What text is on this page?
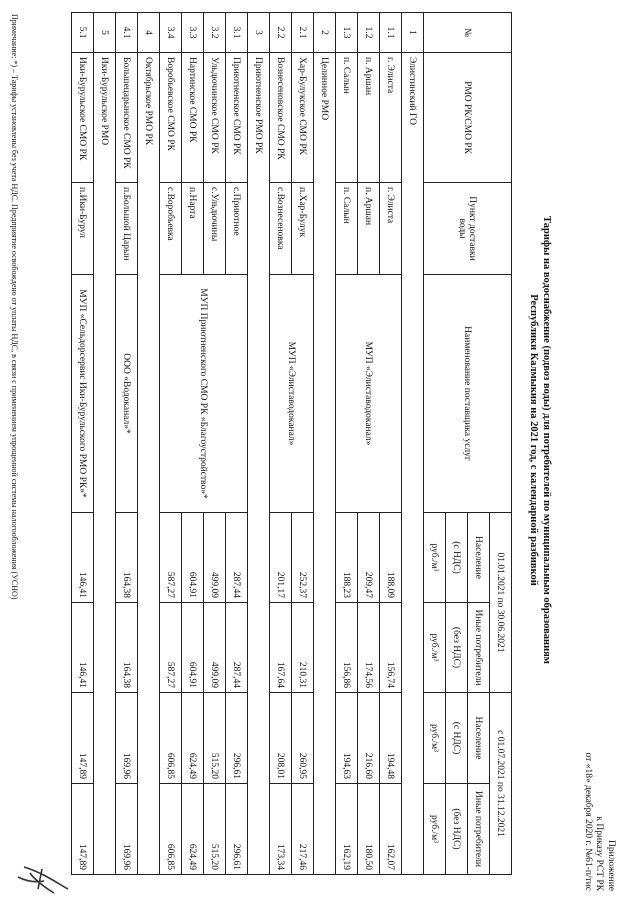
Приложение
к Приказу РСТ РК
от «18» декабря 2020 г. №61-п/тис
Тарифы на водоснабжение (подвоз воды) для потребителей по муниципальным образованиям
Республики Калмыкия на 2021 год, с календарной разбивкой
№	РМО РК/СМО РК	Пункт доставки воды	Наименование поставщика услуг	01.01.2021 по 30.06.2021		с 01.07.2021 по 31.12.2021	
				Население	Иные потребители	Население	Иные потребители
				(с НДС)	(без НДС)	(с НДС)	(без НДС)
				руб./м³	руб./м³	руб./м³	руб./м³
1	Элистинский ГО						
1.1	г. Элиста	г. Элиста	МУП «Элиставодоканал»	188,09	156,74	194,48	162,07
1.2	п. Аршан	п. Аршан		209,47	174,56	216,60	180,50
1.3	п. Салын	п. Салын		188,23	156,86	194,63	162,19
2	Целинное РМО						
2.1	Хар-Булукское СМО РК	п.Хар-Булук	МУП «Элиставодоканал»	252,37	210,31	260,95	217,46
2.2	Вознесеновское СМО РК	с.Вознесеновка		201,17	167,64	208,01	173,34
3	Приютненское РМО РК						
3.1	Приютненское СМО РК	с.Приютное	МУП Приютненского СМО РК «Благоустройство»*	287,44	287,44	296,61	296,61
3.2	Ульдючинское СМО РК	с.Ульдючины		499,09	499,09	515,20	515,20
3.3	Нартинское СМО РК	п.Нарта		604,91	604,91	624,49	624,49
3.4	Воробьевское СМО РК	с.Воробьевка		587,27	587,27	606,85	606,85
4	Октябрьское РМО РК						
4.1	Большецарынское СМО РК	п.Большой Царын	ООО «Водоканал»*	164,38	164,38	169,96	169,96
5	Ики-Бурульское РМО						
5.1	Ики-Бурульское СМО РК	п.Ики-Бурул	МУП «Сельдорсервис Ики-Бурульского РМО РК»*	146,41	146,41	147,89	147,89
Примечание: *) – Тарифы установлены без учета НДС. Предприятие освобождено от уплаты НДС, в связи с применением упрощенной системы налогообложения (УСНО)
